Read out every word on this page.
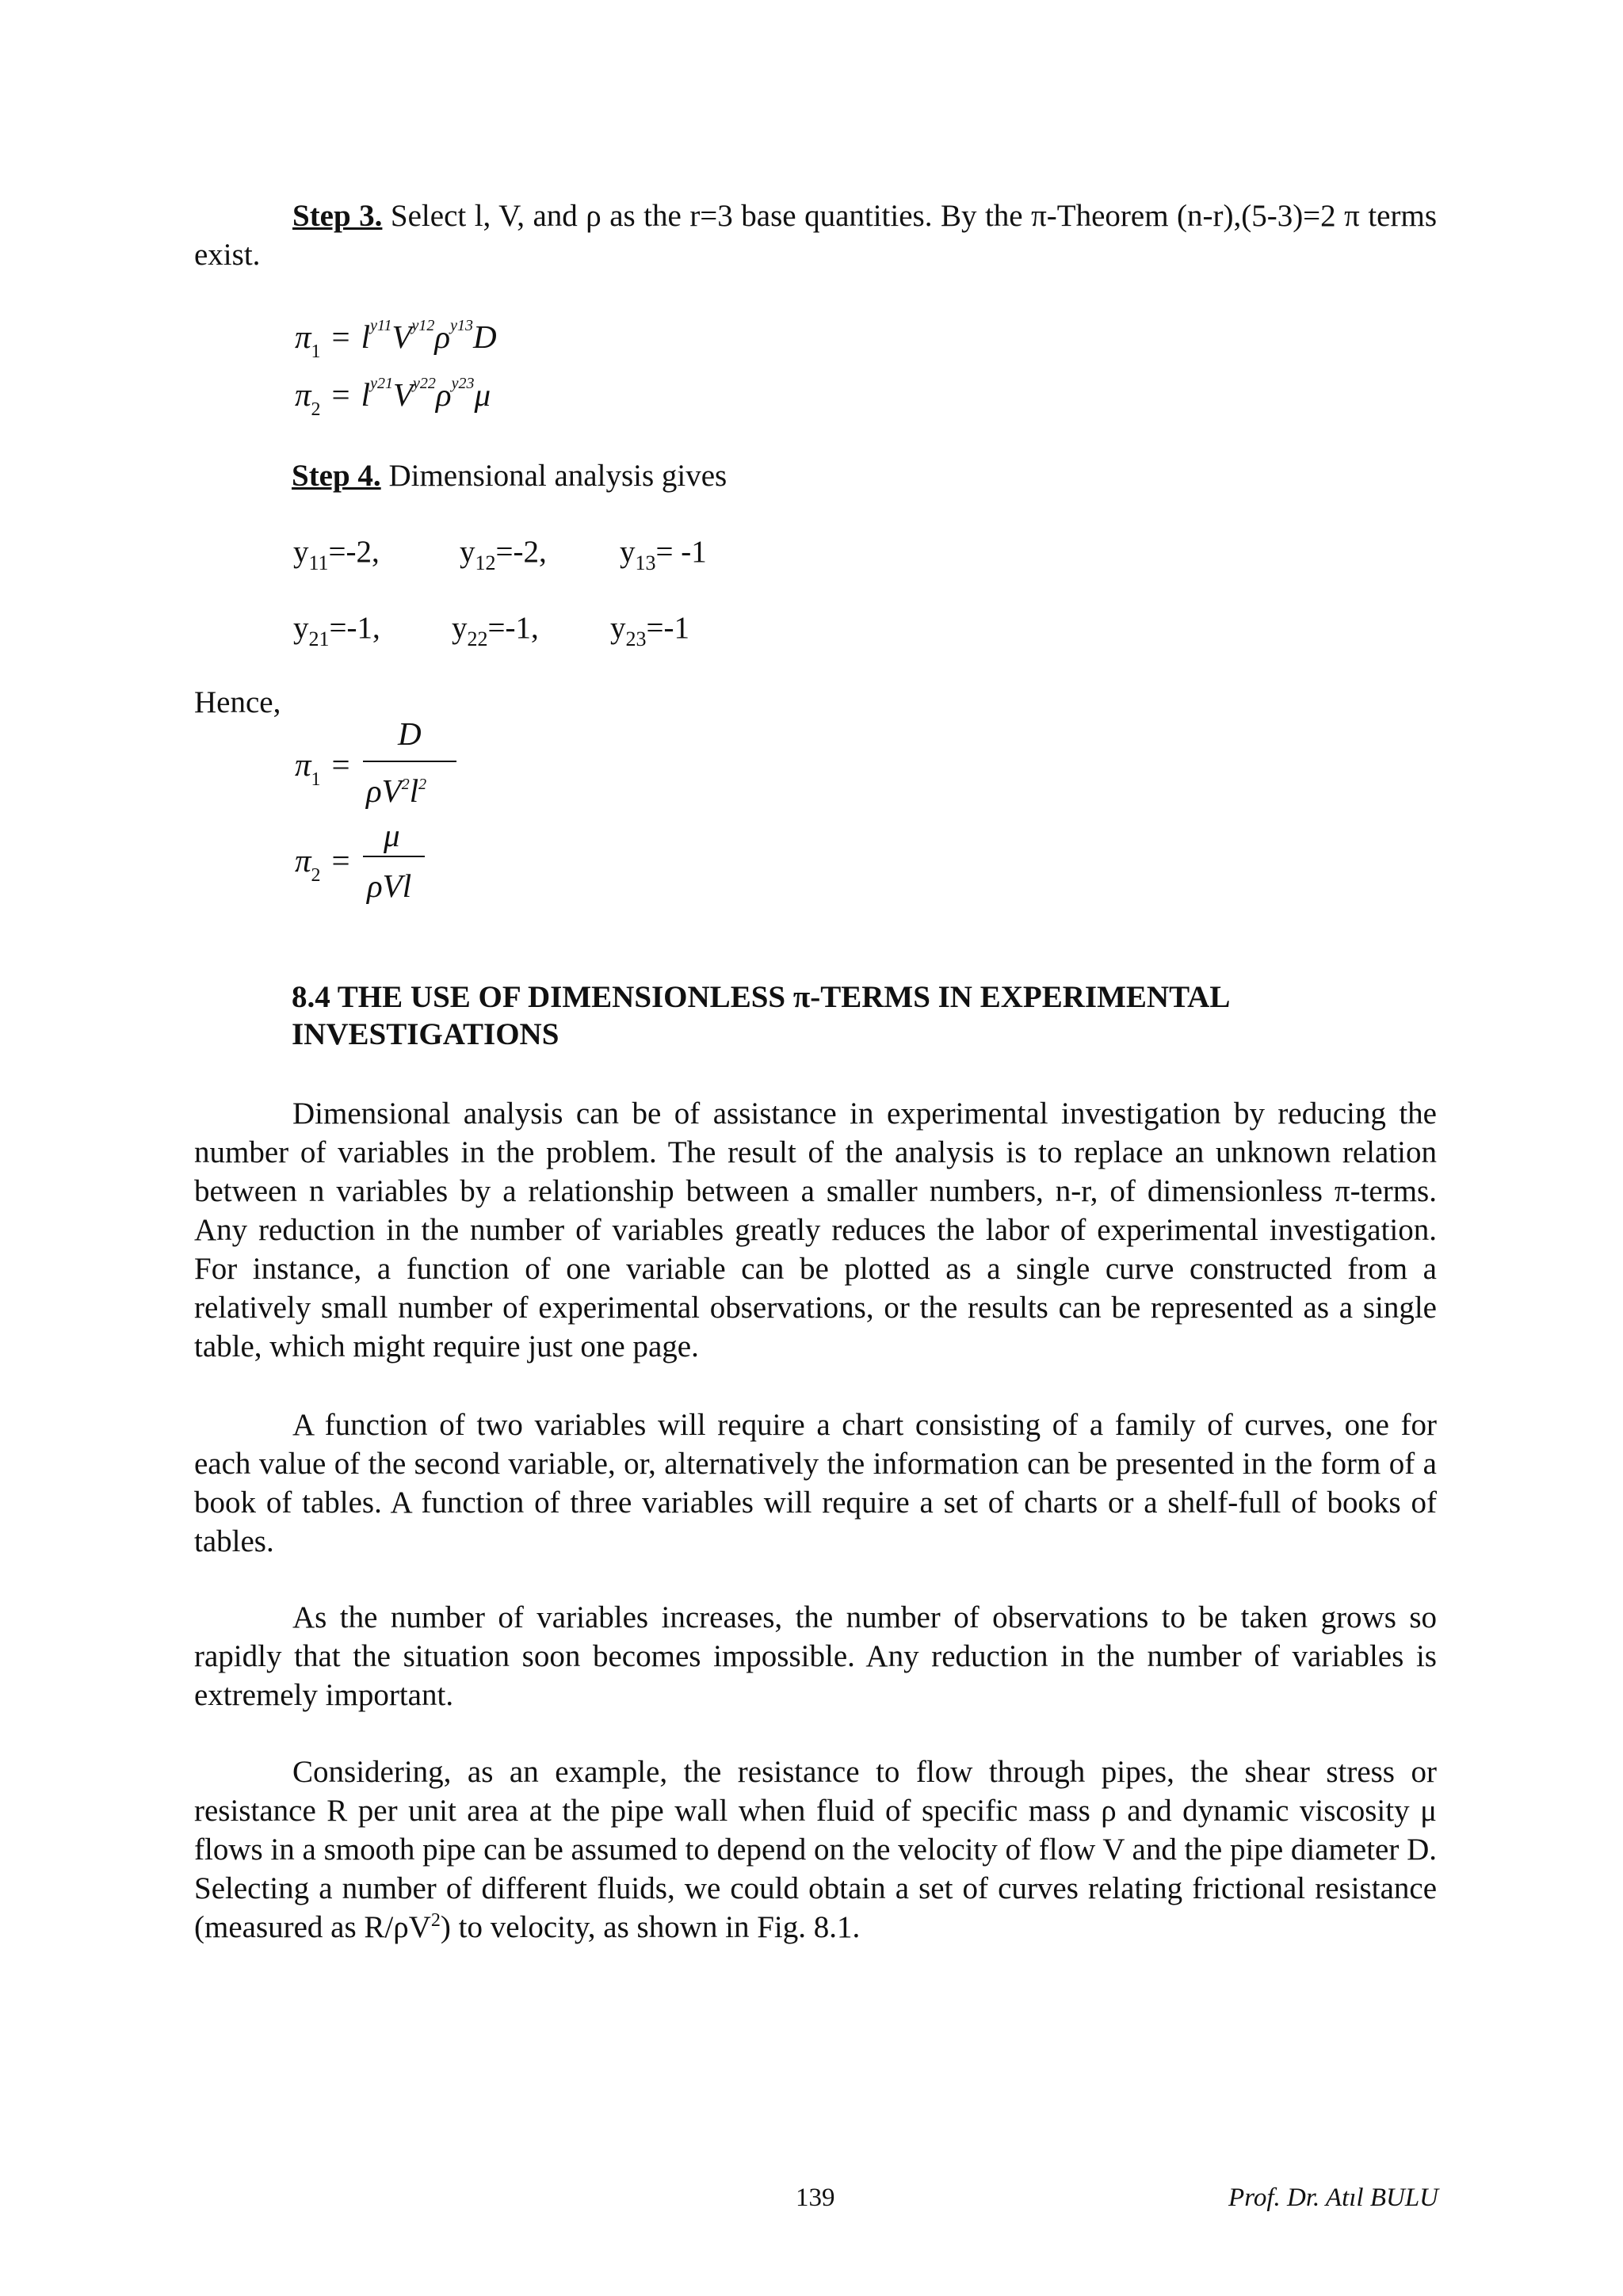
Step 3. Select l, V, and ρ as the r=3 base quantities. By the π-Theorem (n-r),(5-3)=2 π terms exist.

$\pi_1 = l^{y11}V^{y12}\rho^{y13}D$
$\pi_2 = l^{y21}V^{y22}\rho^{y23}\mu$
Step 4. Dimensional analysis gives
$y_{11}=-2$,	$y_{12}=-2$, $y_{13}= -1$
$y_{21}=-1$, $y_{22}=-1$, $y_{23}=-1$
Hence,
$\pi_1$ =
D
$\rho V^2l^2$
$\pi_2$ =
μ
ρVl
8.4 THE USE OF DIMENSIONLESS π-TERMS IN EXPERIMENTAL
INVESTIGATIONS

Dimensional analysis can be of assistance in experimental investigation by reducing the number of variables in the problem. The result of the analysis is to replace an unknown relation between n variables by a relationship between a smaller numbers, n-r, of dimensionless π-terms. Any reduction in the number of variables greatly reduces the labor of experimental investigation. For instance, a function of one variable can be plotted as a single curve constructed from a relatively small number of experimental observations, or the results can be represented as a single table, which might require just one page.

A function of two variables will require a chart consisting of a family of curves, one for each value of the second variable, or, alternatively the information can be presented in the form of a book of tables. A function of three variables will require a set of charts or a shelf-full of books of tables.

As the number of variables increases, the number of observations to be taken grows so rapidly that the situation soon becomes impossible. Any reduction in the number of variables is extremely important.

Considering, as an example, the resistance to flow through pipes, the shear stress or resistance R per unit area at the pipe wall when fluid of specific mass ρ and dynamic viscosity μ flows in a smooth pipe can be assumed to depend on the velocity of flow V and the pipe diameter D. Selecting a number of different fluids, we could obtain a set of curves relating frictional resistance (measured as $R/\rho V^2$) to velocity, as shown in Fig. 8.1.

139	Prof. Dr. Atıl BULU
